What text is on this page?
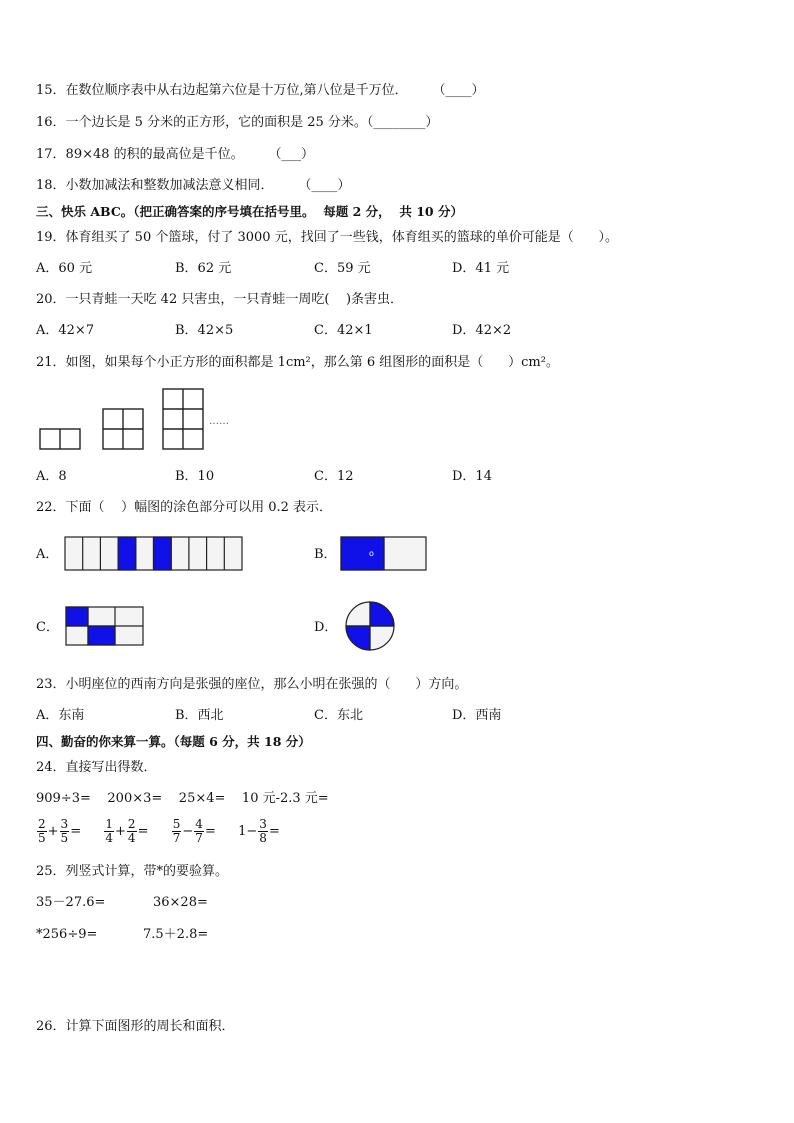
15．在数位顺序表中从右边起第六位是十万位,第八位是千万位．      （____）
16．一个边长是 5 分米的正方形，它的面积是 25 分米。（________）
17．89×48 的积的最高位是千位。      （___）
18．小数加减法和整数加减法意义相同．      （____）
三、快乐 ABC。（把正确答案的序号填在括号里。  每题 2 分，  共 10 分）
19．体育组买了 50 个篮球，付了 3000 元，找回了一些钱，体育组买的篮球的单价可能是（      ）。
A．60 元	B．62 元	C．59 元	D．41 元
20．一只青蛙一天吃 42 只害虫，一只青蛙一周吃(    )条害虫．
A．42×7	B．42×5	C．42×1	D．42×2
21．如图，如果每个小正方形的面积都是 1cm²，那么第 6 组图形的面积是（      ）cm²。
……
A．8	B．10	C．12	D．14
22．下面（    ）幅图的涂色部分可以用 0.2 表示．
A．	B．
C．	D．
o
23．小明座位的西南方向是张强的座位，那么小明在张强的（      ）方向。
A．东南	B．西北	C．东北	D．西南
四、勤奋的你来算一算。（每题 6 分，共 18 分）
24．直接写出得数．
909÷3=    200×3=    25×4=    10 元-2.3 元=
$\frac{2}{5} + \frac{3}{5} = \frac{1}{4} + \frac{2}{4} = \frac{5}{7} - \frac{4}{7} = 1- \frac{3}{8}$ =
25．列竖式计算，带*的要验算。
35－27.6=	36×28=
*256÷9=	7.5＋2.8=
26．计算下面图形的周长和面积．
